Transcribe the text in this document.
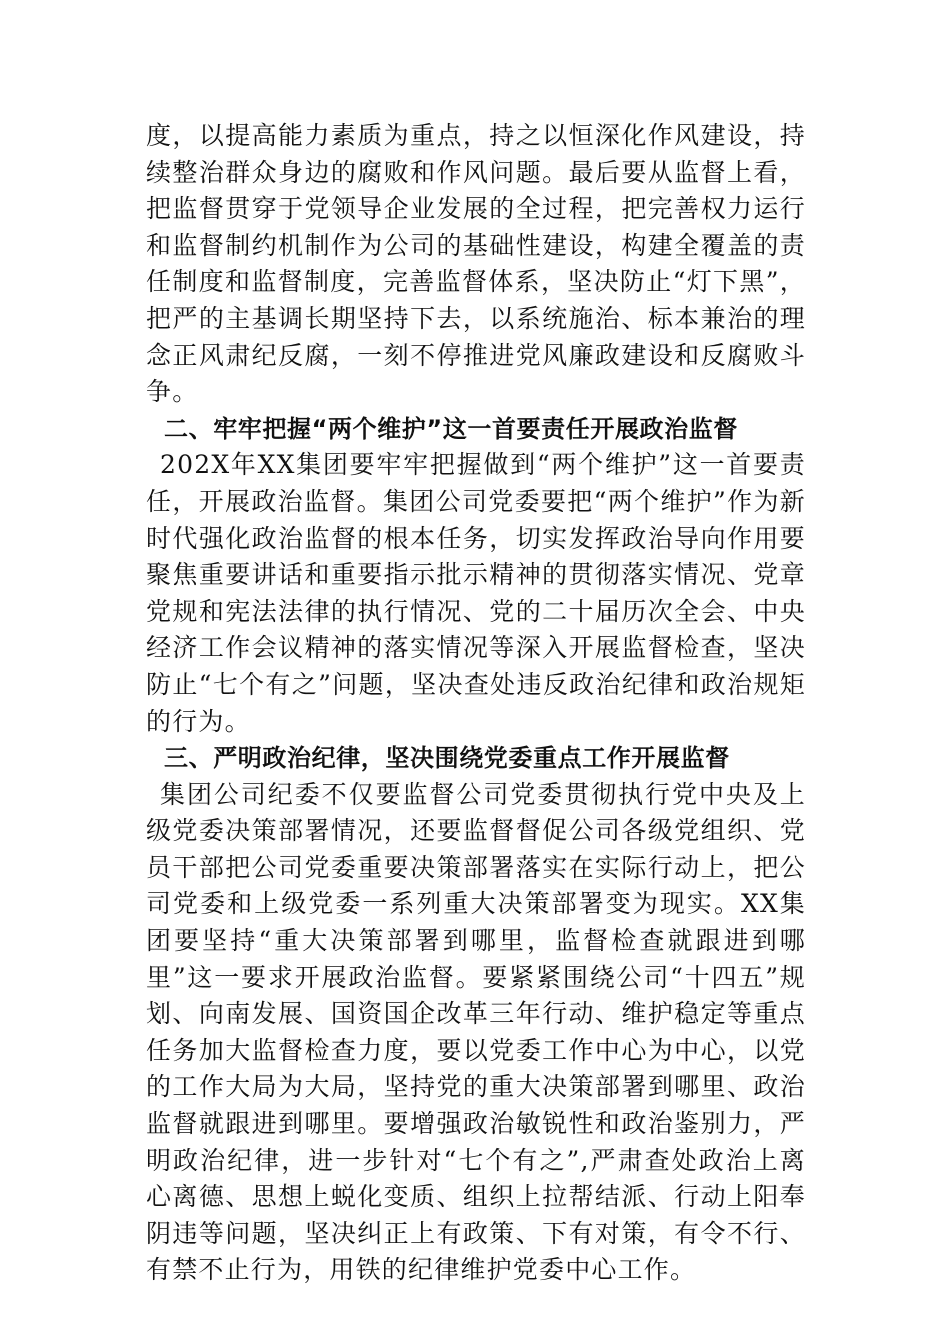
度，以提高能力素质为重点，持之以恒深化作风建设，持续整治群众身边的腐败和作风问题。最后要从监督上看，把监督贯穿于党领导企业发展的全过程，把完善权力运行和监督制约机制作为公司的基础性建设，构建全覆盖的责任制度和监督制度，完善监督体系，坚决防止“灯下黑”，把严的主基调长期坚持下去，以系统施治、标本兼治的理念正风肃纪反腐，一刻不停推进党风廉政建设和反腐败斗争。

二、牢牢把握“两个维护”这一首要责任开展政治监督

202X年XX集团要牢牢把握做到“两个维护”这一首要责任，开展政治监督。集团公司党委要把“两个维护”作为新时代强化政治监督的根本任务，切实发挥政治导向作用要聚焦重要讲话和重要指示批示精神的贯彻落实情况、党章党规和宪法法律的执行情况、党的二十届历次全会、中央经济工作会议精神的落实情况等深入开展监督检查，坚决防止“七个有之”问题，坚决查处违反政治纪律和政治规矩的行为。

三、严明政治纪律，坚决围绕党委重点工作开展监督

集团公司纪委不仅要监督公司党委贯彻执行党中央及上级党委决策部署情况，还要监督督促公司各级党组织、党员干部把公司党委重要决策部署落实在实际行动上，把公司党委和上级党委一系列重大决策部署变为现实。XX集团要坚持“重大决策部署到哪里，监督检查就跟进到哪里”这一要求开展政治监督。要紧紧围绕公司“十四五”规划、向南发展、国资国企改革三年行动、维护稳定等重点任务加大监督检查力度，要以党委工作中心为中心，以党的工作大局为大局，坚持党的重大决策部署到哪里、政治监督就跟进到哪里。要增强政治敏锐性和政治鉴别力，严明政治纪律，进一步针对“七个有之”,严肃查处政治上离心离德、思想上蜕化变质、组织上拉帮结派、行动上阳奉阴违等问题，坚决纠正上有政策、下有对策，有令不行、有禁不止行为，用铁的纪律维护党委中心工作。
